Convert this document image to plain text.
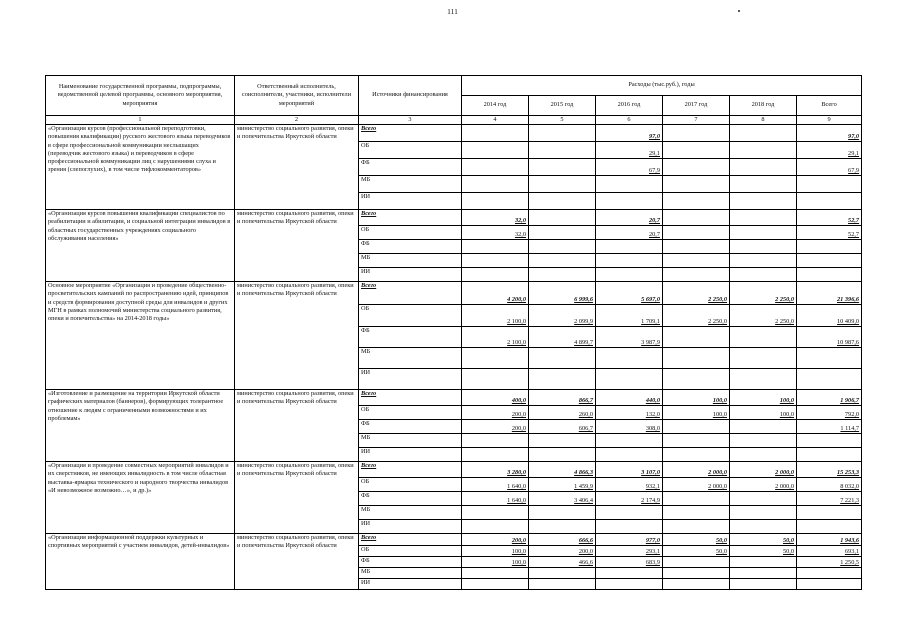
111
Наименование государственной программы, подпрограммы, ведомственной целевой программы, основного мероприятия, мероприятия	Ответственный исполнитель, соисполнители, участники, исполнители мероприятий	Источники финансирования	Расходы (тыс.руб.), годы					
			2014 год	2015 год	2016 год	2017 год	2018 год	Всего
1	2	3	4	5	6	7	8	9
«Организация курсов (профессиональной переподготовки, повышения квалификации) русского жестового языка переводчиков в сфере профессиональной коммуникации неслышащих (переводчик жестового языка) и переводчиков в сфере профессиональной коммуникации лиц с нарушениями слуха и зрения (слепоглухих), в том числе тифлокомментаторов»	министерство социального развития, опеки и попечительства Иркутской области	Всего			97,0			97,0
		ОБ			29,1			29,1
		ФБ			67,9			67,9
		МБ						
		ИИ						
«Организация курсов повышения квалификации специалистов по реабилитации и абилитации, и социальной интеграции инвалидов в областных государственных учреждениях социального обслуживания населения»	министерство социального развития, опеки и попечительства Иркутской области	Всего	32,0		20,7			52,7
		ОБ	32,0		20,7			52,7
		ФБ						
		МБ						
		ИИ						
Основное мероприятие «Организация и проведение общественно-просветительских кампаний по распространению идей, принципов и средств формирования доступной среды для инвалидов и других МГН в рамках полномочий министерства социального развития, опеки и попечительства» на 2014-2018 годы»	министерство социального развития, опеки и попечительства Иркутской области	Всего	4 200,0	6 999,6	5 697,0	2 250,0	2 250,0	21 396,6
		ОБ	2 100,0	2 099,9	1 709,1	2 250,0	2 250,0	10 409,0
		ФБ	2 100,0	4 899,7	3 987,9			10 987,6
		МБ						
		ИИ						
«Изготовление и размещение на территории Иркутской области графических материалов (баннеров), формирующих толерантное отношение к людям с ограниченными возможностями и их проблемам»	министерство социального развития, опеки и попечительства Иркутской области	Всего	400,0	866,7	440,0	100,0	100,0	1 906,7
		ОБ	200,0	260,0	132,0	100,0	100,0	792,0
		ФБ	200,0	606,7	308,0			1 114,7
		МБ						
		ИИ						
«Организация и проведение совместных мероприятий инвалидов и их сверстников, не имеющих инвалидность в том числе областная выставка-ярмарка технического и народного творчества инвалидов «И невозможное возможно…», и др.)»	министерство социального развития, опеки и попечительства Иркутской области	Всего	3 280,0	4 866,3	3 107,0	2 000,0	2 000,0	15 253,3
		ОБ	1 640,0	1 459,9	932,1	2 000,0	2 000,0	8 032,0
		ФБ	1 640,0	3 406,4	2 174,9			7 221,3
		МБ						
		ИИ						
«Организация информационной поддержки культурных и спортивных мероприятий с участием инвалидов, детей-инвалидов»	министерство социального развития, опеки и попечительства Иркутской области	Всего	200,0	666,6	977,0	50,0	50,0	1 943,6
		ОБ	100,0	200,0	293,1	50,0	50,0	693,1
		ФБ	100,0	466,6	683,9			1 250,5
		МБ						
		ИИ						
